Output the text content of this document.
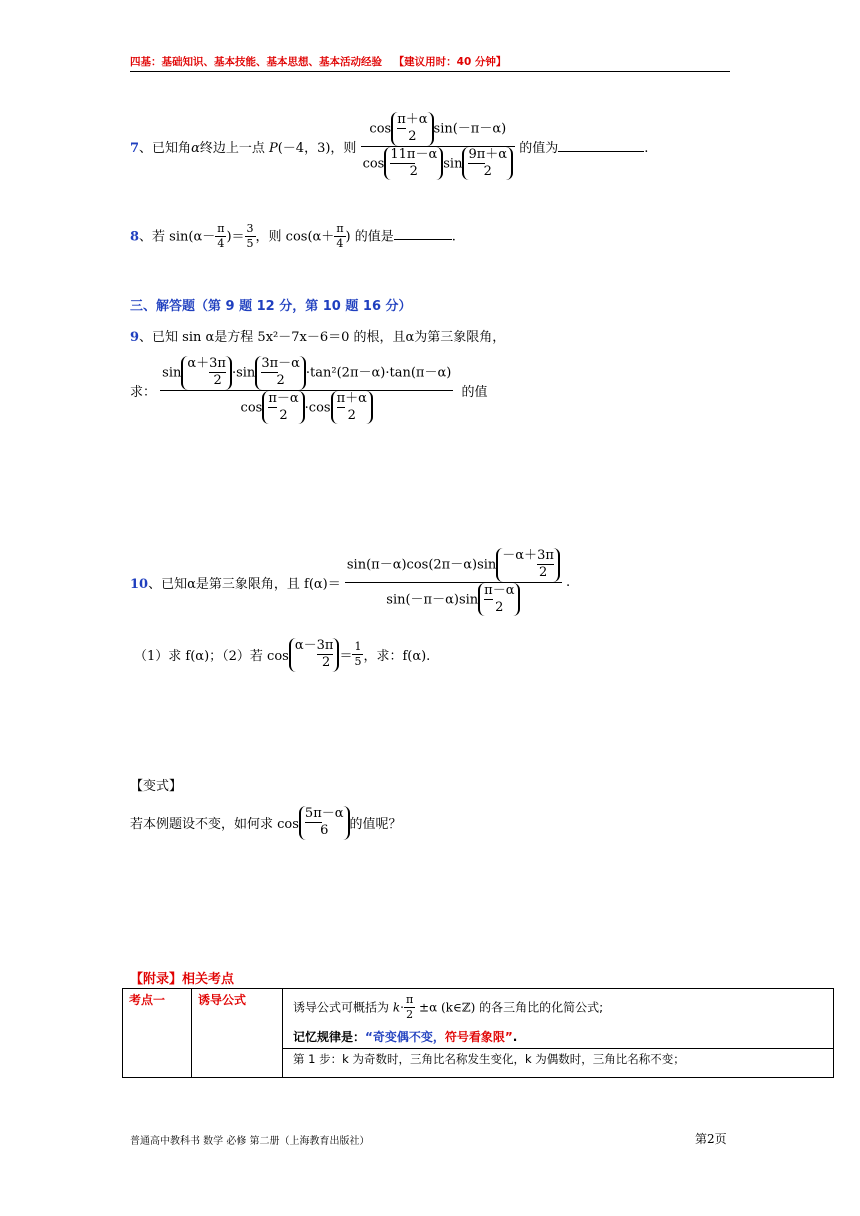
四基：基础知识、基本技能、基本思想、基本活动经验 【建议用时：40 分钟】
7、已知角α终边上一点 P(－4，3)，则 cos
π＋α
2sin(－π－α)
cos
11π－α
2sin
9π＋α
2 的值为	.
8、若 $\sin(\alpha- \frac{\pi}{4}$ )＝ $\frac{3}{5}$ ，则 $\cos(\alpha+ \frac{\pi}{4}$ ) 的值是	.
三、解答题（第 9 题 12 分，第 10 题 16 分）
9、已知 sin α是方程 5x²－7x－6＝0 的根，且α为第三象限角，
求： sin
α＋3π
2·sin
3π－α
2·tan²(2π－α)·tan(π－α)
cos
π－α
2·cos
π＋α
2 的值
10、已知α是第三象限角，且 f(α)＝ sin(π－α)cos(2π－α)sin
－α＋3π
2
sin(－π－α)sin
π－α
2 .
（1）求 f(α)；（2）若 cos
α－3π
$2 = \frac{1}{5}$ ，求：f(α).
【变式】
若本例题设不变，如何求 cos
5π－α
6 的值呢？
【附录】相关考点
考点一	诱导公式	
诱导公式可概括为 $k\cdot \frac{\pi}{2} \pm\alpha$ (k∈ℤ) 的各三角比的化简公式;
记忆规律是：“奇变偶不变，符号看象限”.
第 1 步：k 为奇数时，三角比名称发生变化，k 为偶数时，三角比名称不变；
普通高中教科书 数学 必修 第二册（上海教育出版社）	第2页
